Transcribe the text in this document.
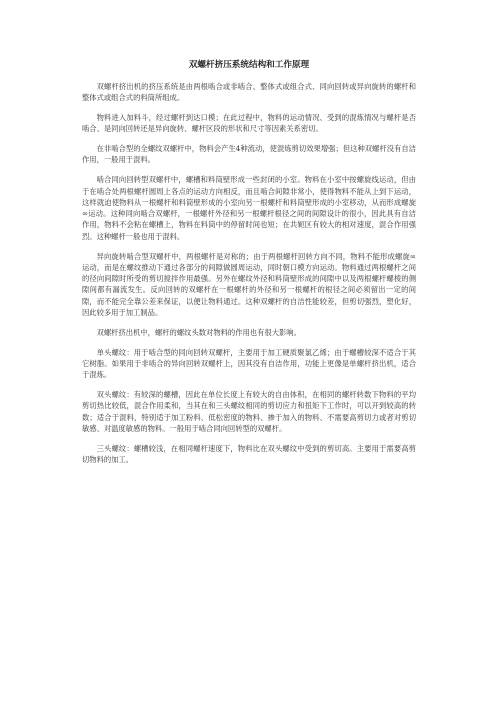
双螺杆挤压系统结构和工作原理

双螺杆挤出机的挤压系统是由两根啮合或非啮合、整体式或组合式、同向回转或异向旋转的螺杆和整体式或组合式的料筒所组成。

物料进入加料斗，经过螺杆到达口模；在此过程中，物料的运动情况、受到的混炼情况与螺杆是否啮合、是同向回转还是异向旋转、螺杆区段的形状和尺寸等因素关系密切。

在非啮合型的全螺纹双螺杆中，物料会产生4种流动，使混炼剪切效果增强；但这种双螺杆没有自洁作用，一般用于混料。

啮合同向回转型双螺杆中，螺槽和料筒壁形成一些封闭的小室。物料在小室中按螺旋线运动，但由于在啮合处两根螺杆圆周上各点的运动方向相反，而且啮合间隙非常小，使得物料不能从上到下运动，这样就迫使物料从一根螺杆和料筒壁形成的小室向另一根螺杆和料筒壁形成的小室移动，从而形成螺旋∞运动。这种同向啮合双螺杆，一根螺杆外径和另一根螺杆根径之间的间隙设计的很小，因此具有自洁作用，物料不会粘在螺槽上，物料在料筒中的停留时间也短；在共轭区有较大的相对速度，混合作用强烈。这种螺杆一般也用于混料。

异向旋转啮合型双螺杆中，两根螺杆是对称的；由于两根螺杆回转方向不同，物料不能形成螺旋∞运动，而是在螺纹推动下通过各部分的间隙做圆周运动，同时朝口模方向运动。物料通过两根螺杆之间的径向间隙时所受的剪切搅拌作用最强。另外在螺纹外径和料筒壁形成的间隙中以及两根螺杆螺棱的侧隙间都有漏流发生。反向回转的双螺杆在一根螺杆的外径和另一根螺杆的根径之间必须留出一定的间隙，而不能完全靠公差来保证，以便让物料通过。这种双螺杆的自洁性能较差，但剪切强烈，塑化好，因此较多用于加工制品。

双螺杆挤出机中，螺杆的螺纹头数对物料的作用也有很大影响。

单头螺纹：用于啮合型的同向回转双螺杆，主要用于加工硬质聚氯乙烯；由于螺槽较深不适合于其它树脂。如果用于非啮合的异向回转双螺杆上，因其没有自洁作用，功能上更像是单螺杆挤出机，适合于混炼。

双头螺纹：有较深的螺槽，因此在单位长度上有较大的自由体积，在相同的螺杆转数下物料的平均剪切热比较低，混合作用柔和，当其在和三头螺纹相同的剪切应力和扭矩下工作时，可以开到较高的转数；适合于混料，特别适于加工粉料、低松密度的物料、掺于加入的物料、不需要高剪切力或者对剪切敏感、对温度敏感的物料。一般用于啮合同向回转型的双螺杆。

三头螺纹：螺槽较浅，在相同螺杆速度下，物料比在双头螺纹中受到的剪切高。主要用于需要高剪切物料的加工。
